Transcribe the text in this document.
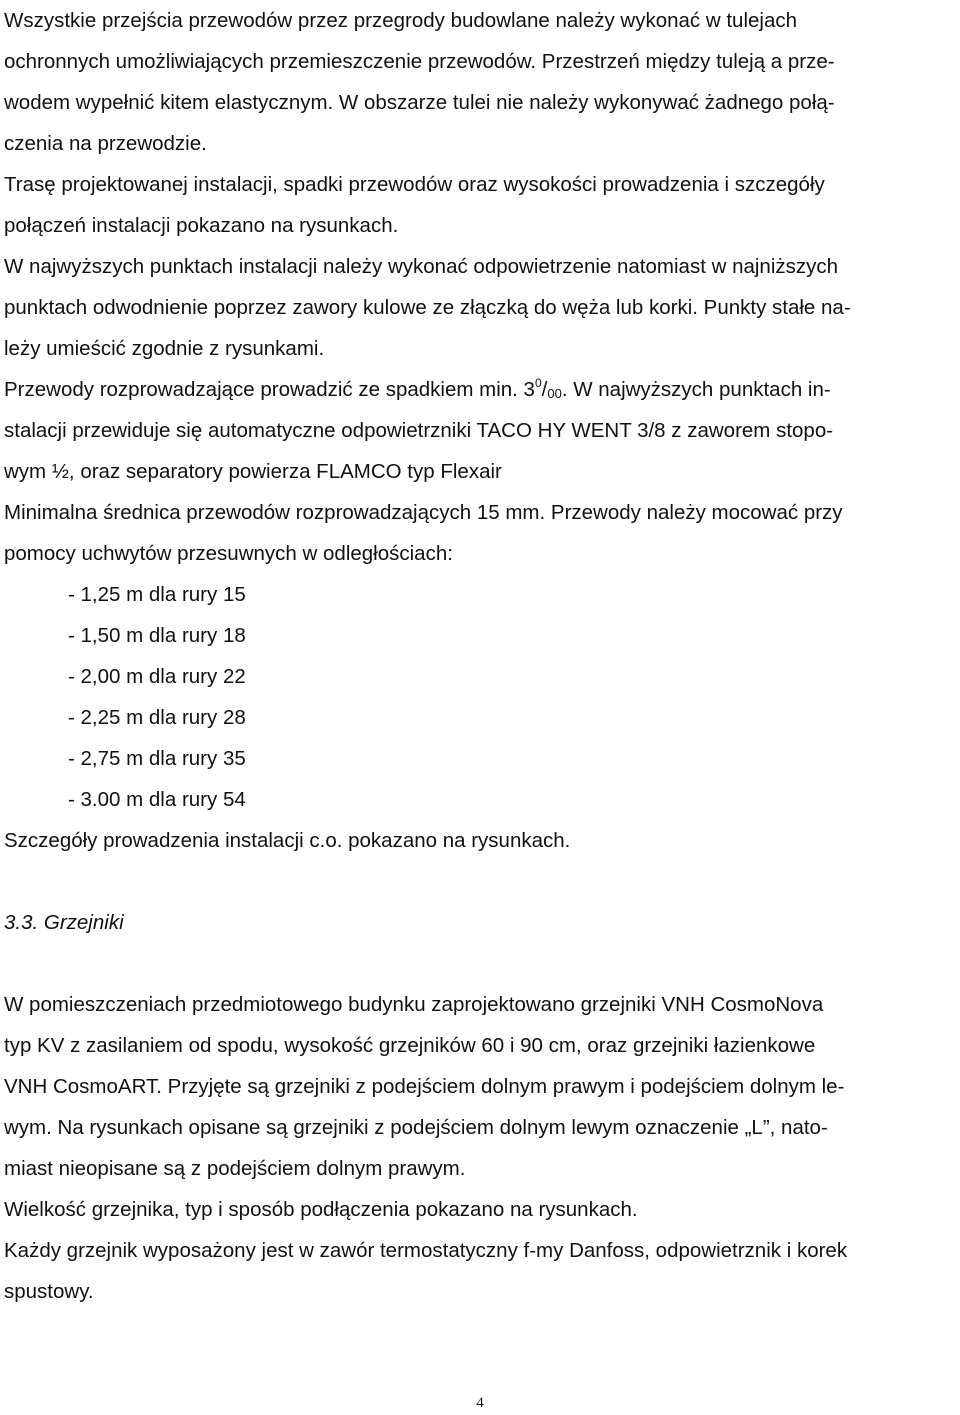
Wszystkie przejścia przewodów przez przegrody budowlane należy wykonać w tulejach
ochronnych umożliwiających przemieszczenie przewodów. Przestrzeń między tuleją a prze-
wodem wypełnić kitem elastycznym. W obszarze tulei nie należy wykonywać żadnego połą-
czenia na przewodzie.
Trasę projektowanej instalacji, spadki przewodów oraz wysokości prowadzenia i szczegóły
połączeń instalacji pokazano na rysunkach.
W najwyższych punktach instalacji należy wykonać odpowietrzenie natomiast w najniższych
punktach odwodnienie poprzez zawory kulowe ze złączką do węża lub korki. Punkty stałe na-
leży umieścić zgodnie z rysunkami.
Przewody rozprowadzające prowadzić ze spadkiem min. $3^0/_{00}$. W najwyższych punktach in-
stalacji przewiduje się automatyczne odpowietrzniki TACO HY WENT 3/8 z zaworem stopo-
wym ½, oraz separatory powierza FLAMCO typ Flexair
Minimalna średnica przewodów rozprowadzających 15 mm. Przewody należy mocować przy
pomocy uchwytów przesuwnych w odległościach:
- 1,25 m dla rury 15
- 1,50 m dla rury 18
- 2,00 m dla rury 22
- 2,25 m dla rury 28
- 2,75 m dla rury 35
- 3.00 m dla rury 54
Szczegóły prowadzenia instalacji c.o. pokazano na rysunkach.
3.3. Grzejniki
W pomieszczeniach przedmiotowego budynku zaprojektowano grzejniki VNH CosmoNova
typ KV z zasilaniem od spodu, wysokość grzejników 60 i 90 cm, oraz grzejniki łazienkowe
VNH CosmoART. Przyjęte są grzejniki z podejściem dolnym prawym i podejściem dolnym le-
wym. Na rysunkach opisane są grzejniki z podejściem dolnym lewym oznaczenie „L”, nato-
miast nieopisane są z podejściem dolnym prawym.
Wielkość grzejnika, typ i sposób podłączenia pokazano na rysunkach.
Każdy grzejnik wyposażony jest w zawór termostatyczny f-my Danfoss, odpowietrznik i korek
spustowy.
4
